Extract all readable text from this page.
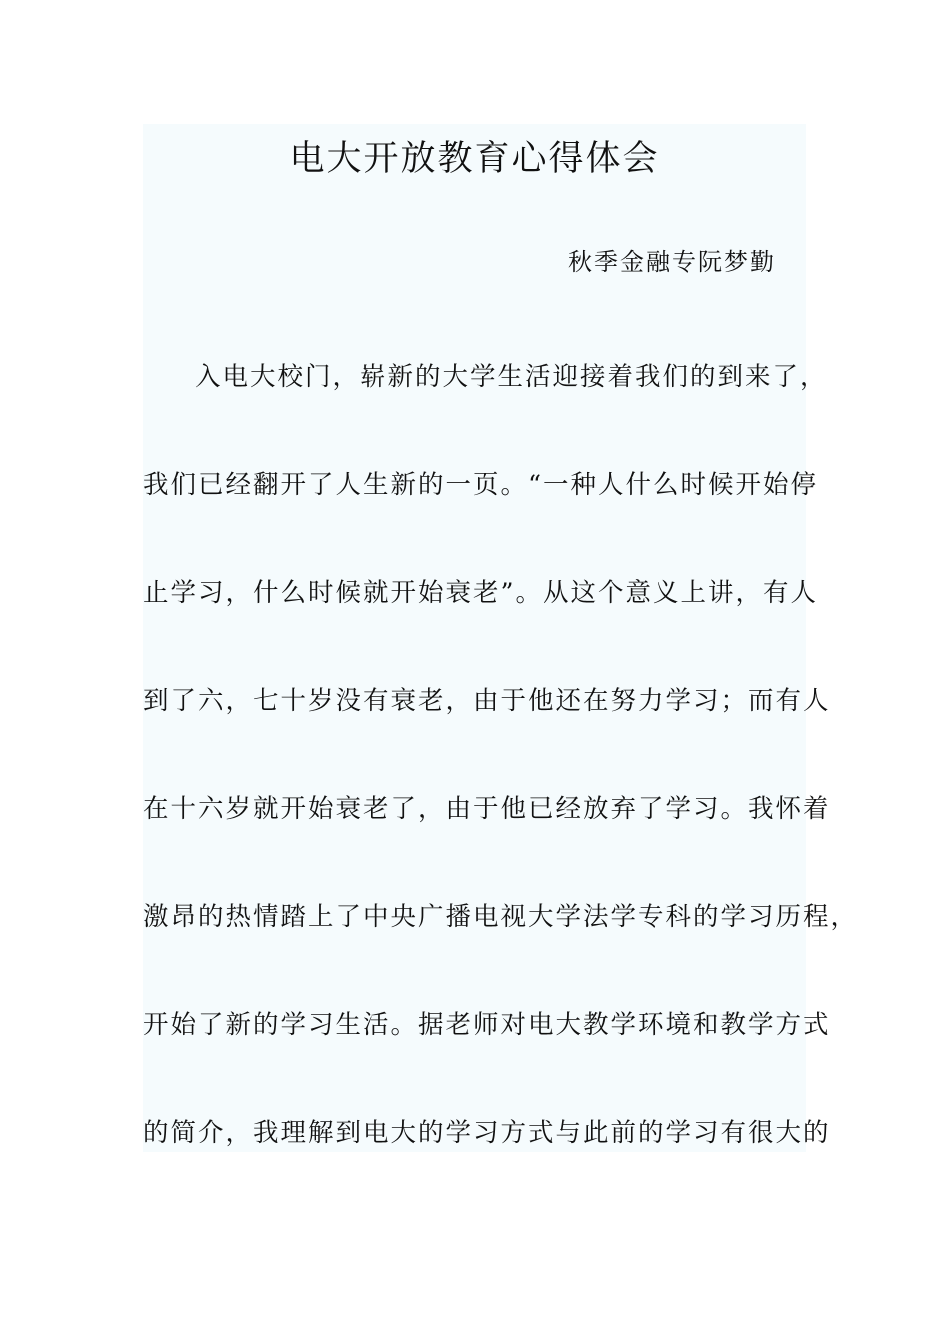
电大开放教育心得体会
秋季金融专阮梦勤
入电大校门，崭新的大学生活迎接着我们的到来了，
我们已经翻开了人生新的一页。“一种人什么时候开始停
止学习，什么时候就开始衰老”。从这个意义上讲，有人
到了六，七十岁没有衰老，由于他还在努力学习；而有人
在十六岁就开始衰老了，由于他已经放弃了学习。我怀着
激昂的热情踏上了中央广播电视大学法学专科的学习历程，
开始了新的学习生活。据老师对电大教学环境和教学方式
的简介，我理解到电大的学习方式与此前的学习有很大的
